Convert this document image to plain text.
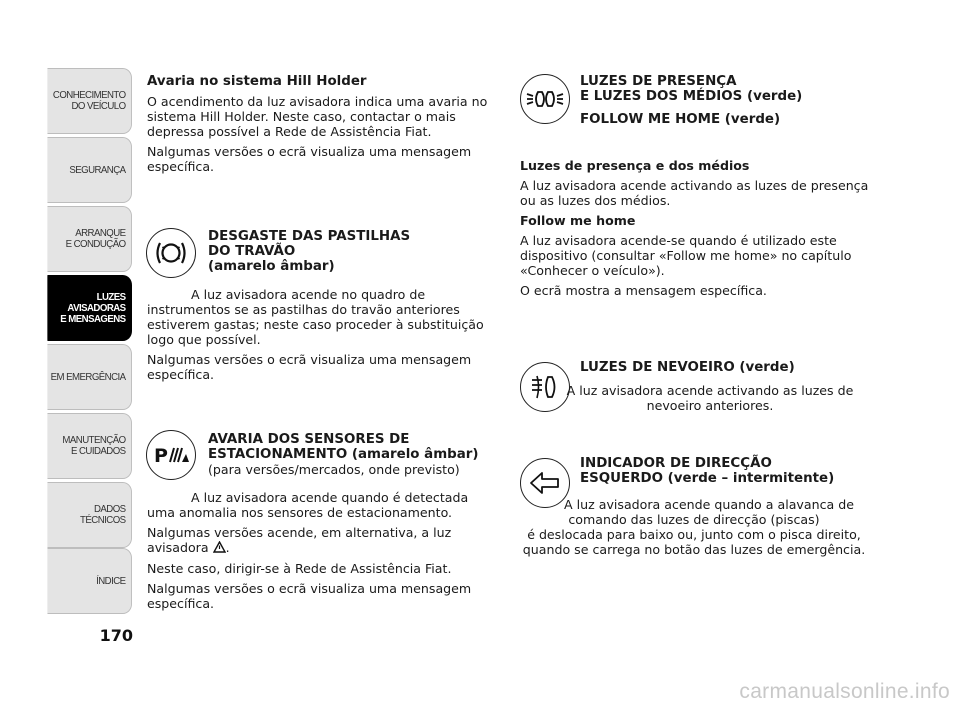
CONHECIMENTO
DO VEÍCULO
SEGURANÇA
ARRANQUE
E CONDUÇÃO
LUZES
AVISADORAS
E MENSAGENS
EM EMERGÊNCIA
MANUTENÇÃO
E CUIDADOS
DADOS
TÉCNICOS
ÍNDICE
170

Avaria no sistema Hill Holder

O acendimento da luz avisadora indica uma avaria no sistema Hill Holder. Neste caso, contactar o mais depressa possível a Rede de Assistência Fiat.

Nalgumas versões o ecrã visualiza uma mensagem específica.

DESGASTE DAS PASTILHAS
DO TRAVÃO
(amarelo âmbar)

A luz avisadora acende no quadro de instrumentos se as pastilhas do travão anteriores estiverem gastas; neste caso proceder à substituição logo que possível.

Nalgumas versões o ecrã visualiza uma mensagem específica.

P
AVARIA DOS SENSORES DE
ESTACIONAMENTO (amarelo âmbar)
(para versões/mercados, onde previsto)

A luz avisadora acende quando é detectada uma anomalia nos sensores de estacionamento.

Nalgumas versões acende, em alternativa, a luz avisadora .

Neste caso, dirigir-se à Rede de Assistência Fiat.

Nalgumas versões o ecrã visualiza uma mensagem específica.

LUZES DE PRESENÇA
E LUZES DOS MÉDIOS (verde)
FOLLOW ME HOME (verde)

Luzes de presença e dos médios

A luz avisadora acende activando as luzes de presença ou as luzes dos médios.

Follow me home

A luz avisadora acende-se quando é utilizado este dispositivo (consultar «Follow me home» no capítulo «Conhecer o veículo»).

O ecrã mostra a mensagem específica.

LUZES DE NEVOEIRO (verde)
A luz avisadora acende activando as luzes de
nevoeiro anteriores.
INDICADOR DE DIRECÇÃO
ESQUERDO (verde – intermitente)
A luz avisadora acende quando a alavanca de
comando das luzes de direcção (piscas)
é deslocada para baixo ou, junto com o pisca direito,
quando se carrega no botão das luzes de emergência.
carmanualsonline.info
